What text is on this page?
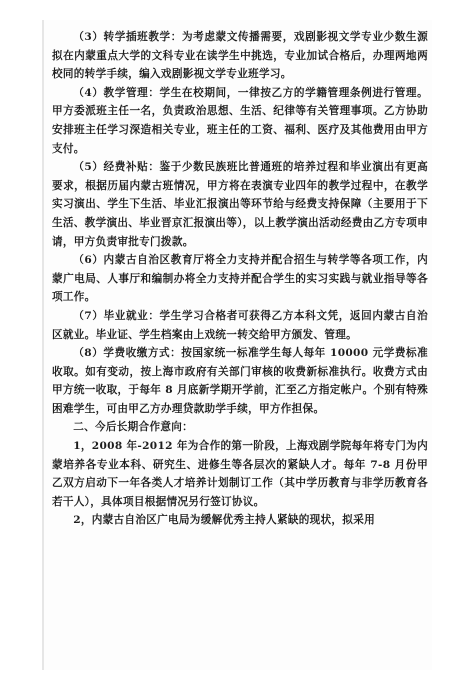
（3）转学插班教学：为考虑蒙文传播需要，戏剧影视文学专业少数生源拟在内蒙重点大学的文科专业在读学生中挑选，专业加试合格后，办理两地两校同的转学手续，编入戏剧影视文学专业班学习。

（4）教学管理：学生在校期间，一律按乙方的学籍管理条例进行管理。甲方委派班主任一名，负责政治思想、生活、纪律等有关管理事项。乙方协助安排班主任学习深造相关专业，班主任的工资、福利、医疗及其他费用由甲方支付。

（5）经费补贴：鉴于少数民族班比普通班的培养过程和毕业演出有更高要求，根据历届内蒙古班情况，甲方将在表演专业四年的教学过程中，在教学实习演出、学生下生活、毕业汇报演出等环节给与经费支持保障（主要用于下生活、教学演出、毕业晋京汇报演出等），以上教学演出活动经费由乙方专项申请，甲方负责审批专门拨款。

（6）内蒙古自治区教育厅将全力支持并配合招生与转学等各项工作，内蒙广电局、人事厅和编制办将全力支持并配合学生的实习实践与就业指导等各项工作。

（7）毕业就业：学生学习合格者可获得乙方本科文凭，返回内蒙古自治区就业。毕业证、学生档案由上戏统一转交给甲方颁发、管理。

（8）学费收缴方式：按国家统一标准学生每人每年 10000 元学费标准收取。如有变动，按上海市政府有关部门审核的收费新标准执行。收费方式由甲方统一收取，于每年 8 月底新学期开学前，汇至乙方指定帐户。个别有特殊困难学生，可由甲乙方办理贷款助学手续，甲方作担保。

二、今后长期合作意向：

1，2008 年-2012 年为合作的第一阶段，上海戏剧学院每年将专门为内蒙培养各专业本科、研究生、进修生等各层次的紧缺人才。每年 7-8 月份甲乙双方启动下一年各类人才培养计划制订工作（其中学历教育与非学历教育各若干人），具体项目根据情况另行签订协议。

2，内蒙古自治区广电局为缓解优秀主持人紧缺的现状，拟采用
